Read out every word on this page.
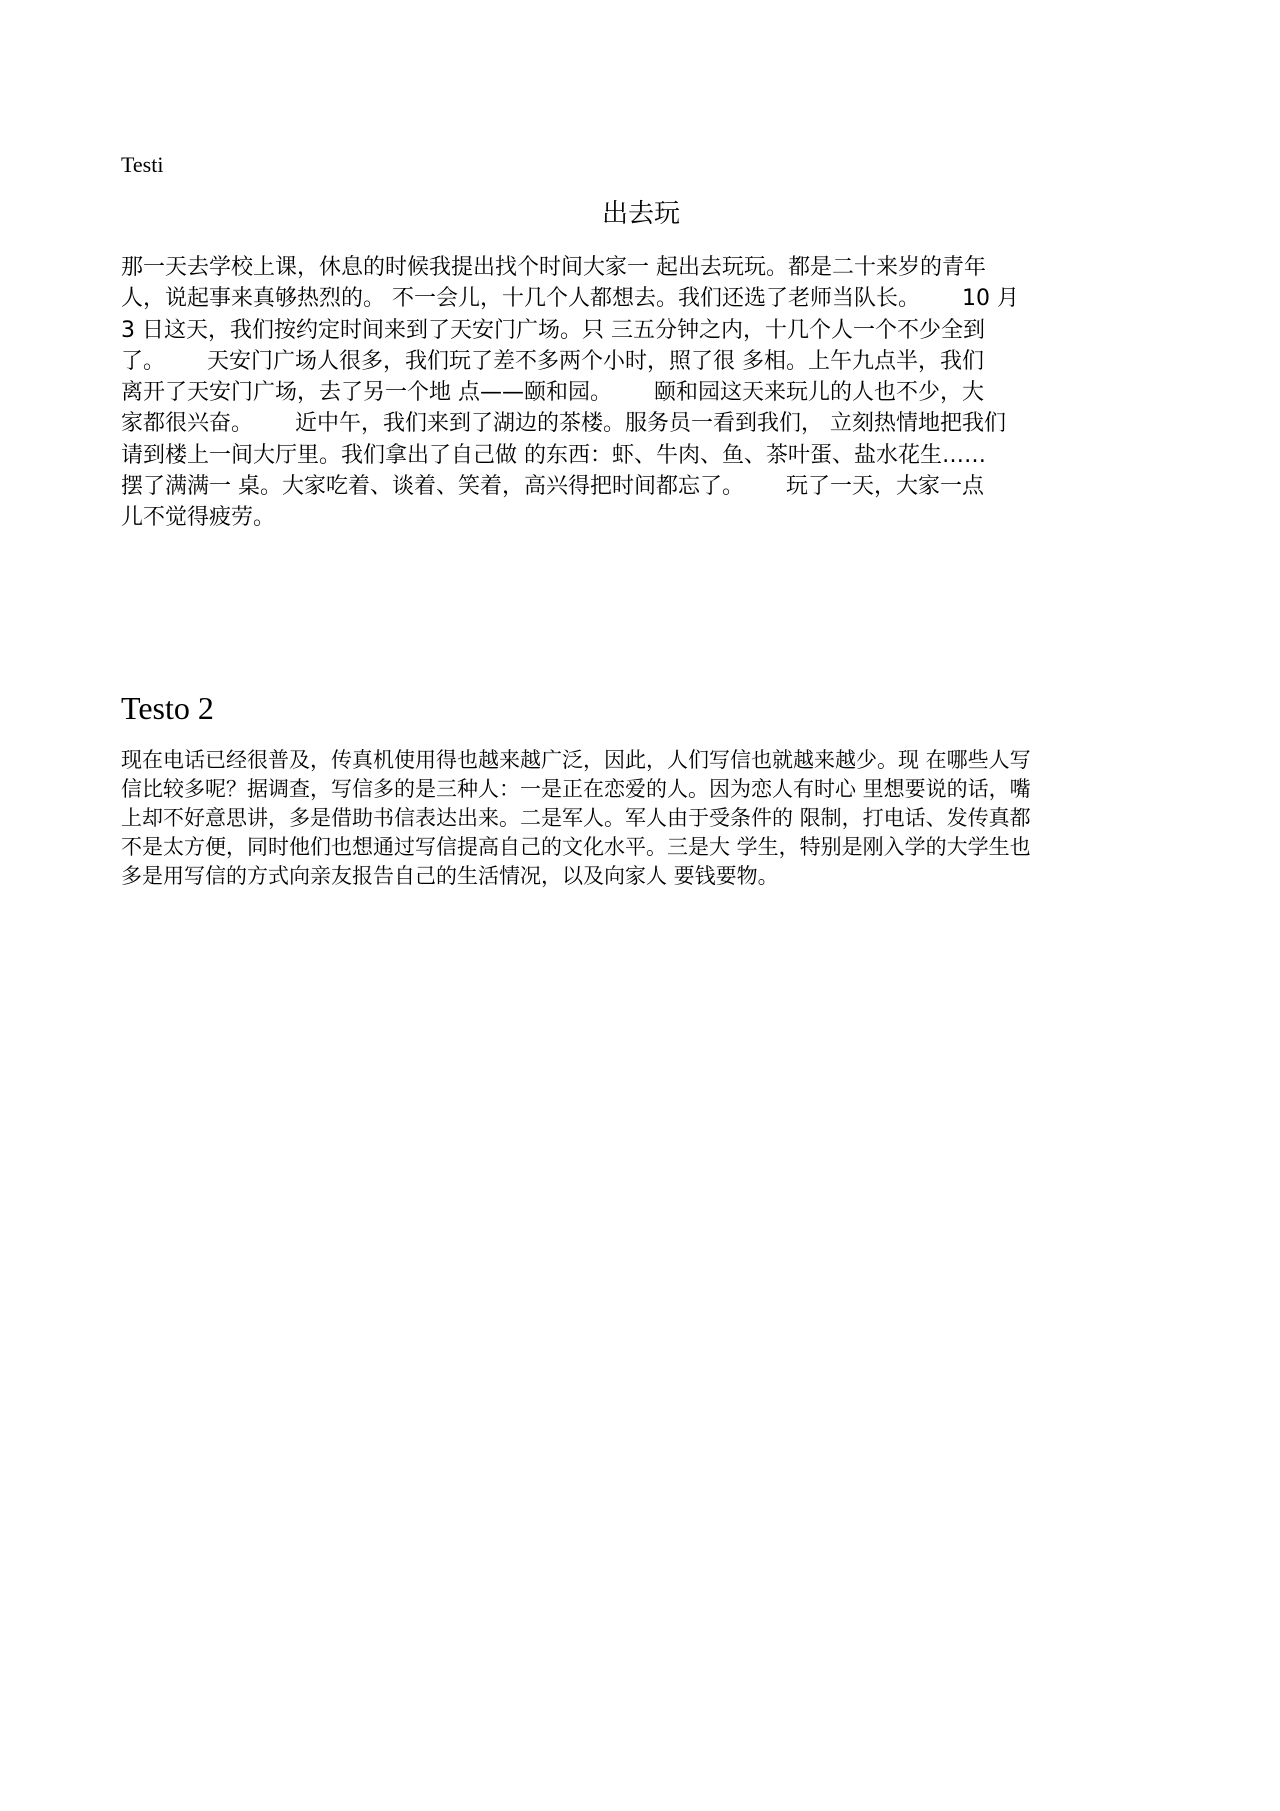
Testi
出去玩
那一天去学校上课，休息的时候我提出找个时间大家一 起出去玩玩。都是二十来岁的青年
人，说起事来真够热烈的。 不一会儿，十几个人都想去。我们还选了老师当队长。      10 月
3 日这天，我们按约定时间来到了天安门广场。只 三五分钟之内，十几个人一个不少全到
了。      天安门广场人很多，我们玩了差不多两个小时，照了很 多相。上午九点半，我们
离开了天安门广场，去了另一个地 点——颐和园。      颐和园这天来玩儿的人也不少，大
家都很兴奋。      近中午，我们来到了湖边的茶楼。服务员一看到我们， 立刻热情地把我们
请到楼上一间大厅里。我们拿出了自己做 的东西：虾、牛肉、鱼、茶叶蛋、盐水花生……
摆了满满一 桌。大家吃着、谈着、笑着，高兴得把时间都忘了。      玩了一天，大家一点
儿不觉得疲劳。
Testo 2
现在电话已经很普及，传真机使用得也越来越广泛，因此，人们写信也就越来越少。现 在哪些人写
信比较多呢？据调查，写信多的是三种人：一是正在恋爱的人。因为恋人有时心 里想要说的话，嘴
上却不好意思讲，多是借助书信表达出来。二是军人。军人由于受条件的 限制，打电话、发传真都
不是太方便，同时他们也想通过写信提高自己的文化水平。三是大 学生，特别是刚入学的大学生也
多是用写信的方式向亲友报告自己的生活情况，以及向家人 要钱要物。
